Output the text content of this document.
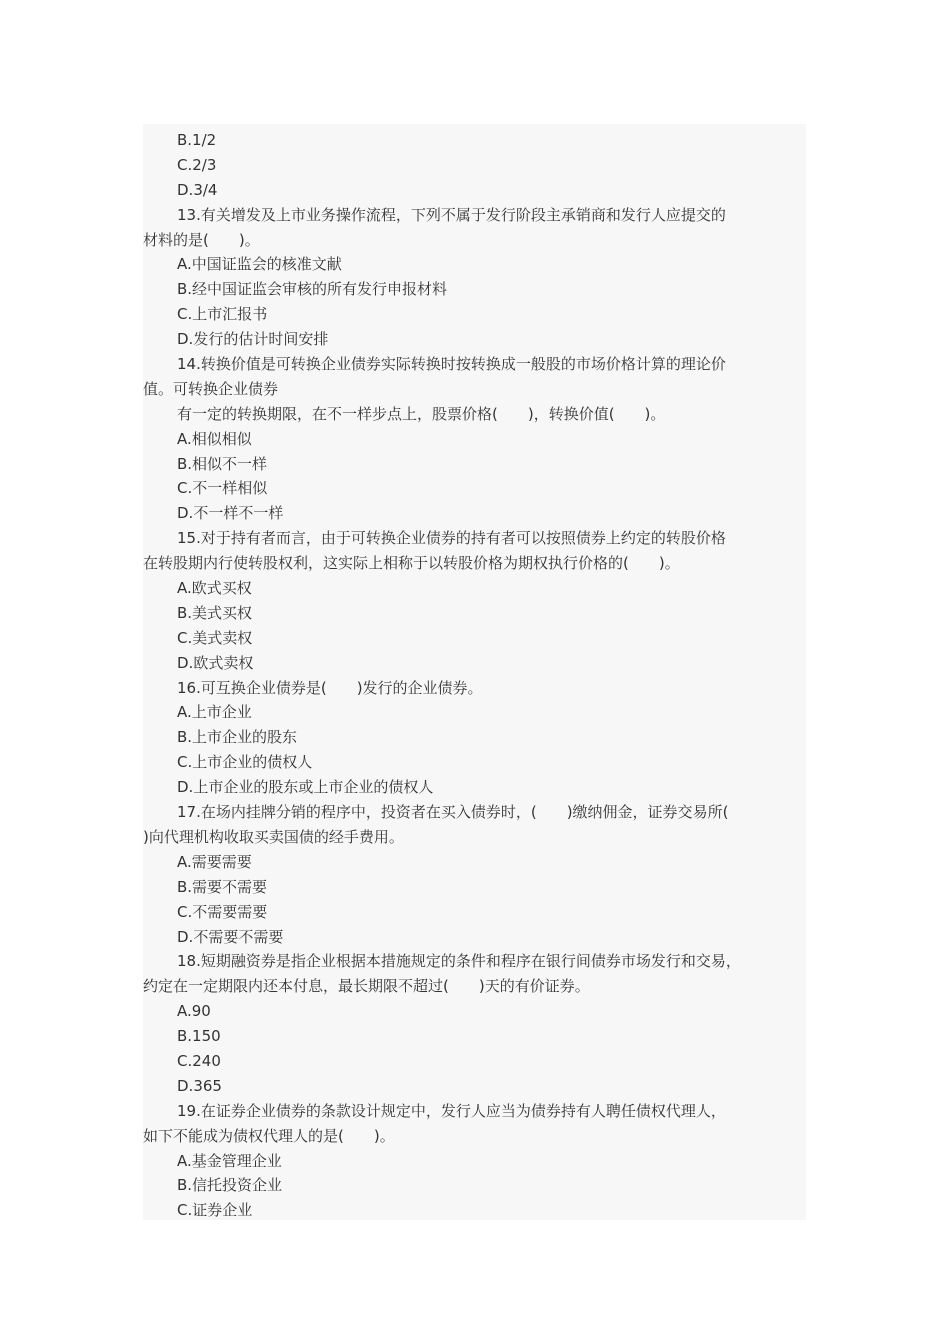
B.1/2
C.2/3
D.3/4
13.有关增发及上市业务操作流程，下列不属于发行阶段主承销商和发行人应提交的
材料的是(　　)。
A.中国证监会的核准文献
B.经中国证监会审核的所有发行申报材料
C.上市汇报书
D.发行的估计时间安排
14.转换价值是可转换企业债券实际转换时按转换成一般股的市场价格计算的理论价
值。可转换企业债券
有一定的转换期限，在不一样步点上，股票价格(　　)，转换价值(　　)。
A.相似相似
B.相似不一样
C.不一样相似
D.不一样不一样
15.对于持有者而言，由于可转换企业债券的持有者可以按照债券上约定的转股价格
在转股期内行使转股权利，这实际上相称于以转股价格为期权执行价格的(　　)。
A.欧式买权
B.美式买权
C.美式卖权
D.欧式卖权
16.可互换企业债券是(　　)发行的企业债券。
A.上市企业
B.上市企业的股东
C.上市企业的债权人
D.上市企业的股东或上市企业的债权人
17.在场内挂牌分销的程序中，投资者在买入债券时，(　　)缴纳佣金，证券交易所(
)向代理机构收取买卖国债的经手费用。
A.需要需要
B.需要不需要
C.不需要需要
D.不需要不需要
18.短期融资券是指企业根据本措施规定的条件和程序在银行间债券市场发行和交易，
约定在一定期限内还本付息，最长期限不超过(　　)天的有价证券。
A.90
B.150
C.240
D.365
19.在证券企业债券的条款设计规定中，发行人应当为债券持有人聘任债权代理人，
如下不能成为债权代理人的是(　　)。
A.基金管理企业
B.信托投资企业
C.证券企业
